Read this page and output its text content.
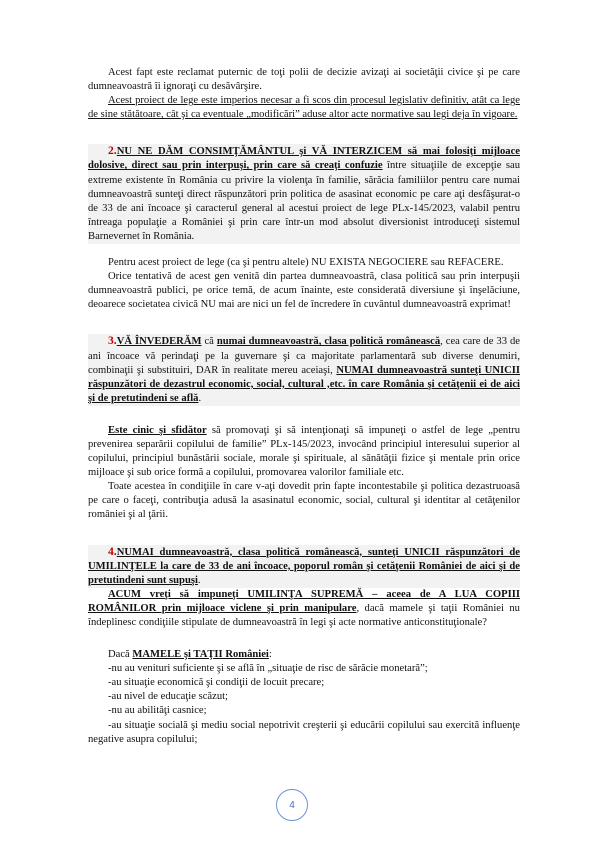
Acest fapt este reclamat puternic de toţi polii de decizie avizaţi ai societăţii civice şi pe care dumneavoastră îi ignoraţi cu desăvârşire.

Acest proiect de lege este imperios necesar a fi scos din procesul legislativ definitiv, atât ca lege de sine stătătoare, cât şi ca eventuale „modificări” aduse altor acte normative sau legi deja în vigoare.

2.NU NE DĂM CONSIMŢĂMÂNTUL şi VĂ INTERZICEM să mai folosiţi mijloace dolosive, direct sau prin interpuşi, prin care să creaţi confuzie între situaţiile de excepţie sau extreme existente în România cu privire la violenţa în familie, sărăcia familiilor pentru care numai dumneavoastră sunteţi direct răspunzători prin politica de asasinat economic pe care aţi desfăşurat-o de 33 de ani încoace şi caracterul general al acestui proiect de lege PLx-145/2023, valabil pentru întreaga populaţie a României şi prin care într-un mod absolut diversionist introduceţi sistemul Barnevernet în România.

Pentru acest proiect de lege (ca şi pentru altele) NU EXISTA NEGOCIERE sau REFACERE.

Orice tentativă de acest gen venită din partea dumneavoastră, clasa politică sau prin interpuşii dumneavoastră publici, pe orice temă, de acum înainte, este considerată diversiune şi înşelăciune, deoarece societatea civică NU mai are nici un fel de încredere în cuvântul dumneavoastră exprimat!

3.VĂ ÎNVEDERĂM că numai dumneavoastră, clasa politică românească, cea care de 33 de ani încoace vă perindaţi pe la guvernare şi ca majoritate parlamentară sub diverse denumiri, combinaţii şi substituiri, DAR în realitate mereu aceiaşi, NUMAI dumneavoastră sunteţi UNICII răspunzători de dezastrul economic, social, cultural ,etc. în care România şi cetăţenii ei de aici şi de pretutindeni se află.

Este cinic şi sfidător să promovaţi şi să intenţionaţi să impuneţi o astfel de lege „pentru prevenirea separării copilului de familie” PLx-145/2023, invocând principiul interesului superior al copilului, principiul bunăstării sociale, morale şi spirituale, al sănătăţii fizice şi mentale prin orice mijloace şi sub orice formă a copilului, promovarea valorilor familiale etc.

Toate acestea în condiţiile în care v-aţi dovedit prin fapte incontestabile şi politica dezastruoasă pe care o faceţi, contribuţia adusă la asasinatul economic, social, cultural şi identitar al cetăţenilor româniei şi al ţării.

4.NUMAI dumneavoastră, clasa politică românească, sunteţi UNICII răspunzători de UMILINŢELE la care de 33 de ani încoace, poporul român şi cetăţenii României de aici şi de pretutindeni sunt supuşi.

ACUM vreţi să impuneţi UMILINŢA SUPREMĂ – aceea de A LUA COPIII ROMÂNILOR prin mijloace viclene şi prin manipulare, dacă mamele şi taţii României nu îndeplinesc condiţiile stipulate de dumneavoastră în legi şi acte normative anticonstituţionale?

Dacă MAMELE şi TAŢII României:

-nu au venituri suficiente şi se află în „situaţie de risc de sărăcie monetară”;

-au situaţie economică şi condiţii de locuit precare;

-au nivel de educaţie scăzut;

-nu au abilităţi casnice;

-au situaţie socială şi mediu social nepotrivit creşterii şi educării copilului sau exercită influenţe negative asupra copilului;

4
